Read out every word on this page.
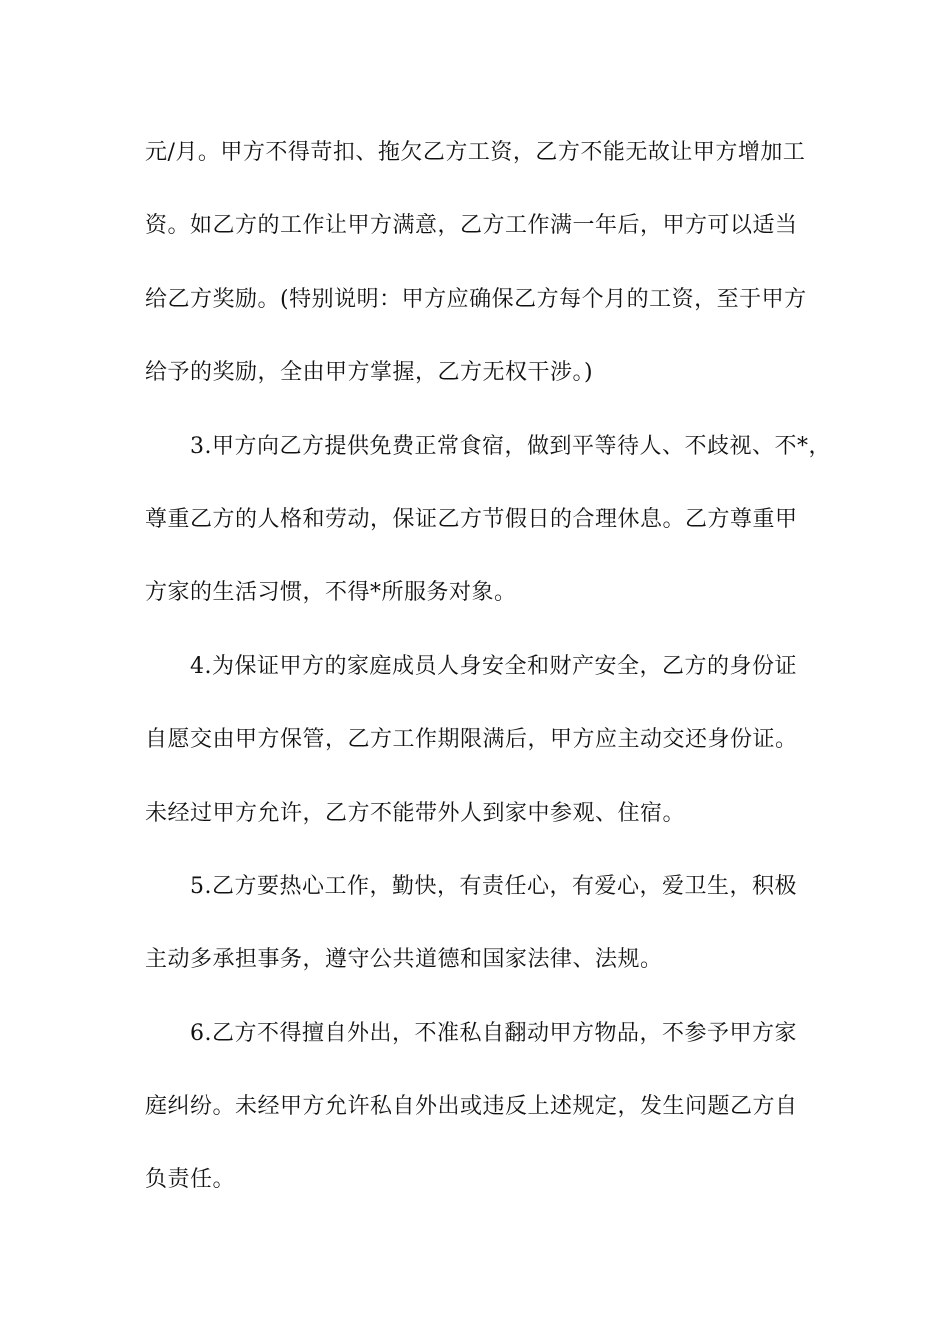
元/月。甲方不得苛扣、拖欠乙方工资，乙方不能无故让甲方增加工
资。如乙方的工作让甲方满意，乙方工作满一年后，甲方可以适当
给乙方奖励。(特别说明：甲方应确保乙方每个月的工资，至于甲方
给予的奖励，全由甲方掌握，乙方无权干涉。)
3.甲方向乙方提供免费正常食宿，做到平等待人、不歧视、不*，
尊重乙方的人格和劳动，保证乙方节假日的合理休息。乙方尊重甲
方家的生活习惯，不得*所服务对象。
4.为保证甲方的家庭成员人身安全和财产安全，乙方的身份证
自愿交由甲方保管，乙方工作期限满后，甲方应主动交还身份证。
未经过甲方允许，乙方不能带外人到家中参观、住宿。
5.乙方要热心工作，勤快，有责任心，有爱心，爱卫生，积极
主动多承担事务，遵守公共道德和国家法律、法规。
6.乙方不得擅自外出，不准私自翻动甲方物品，不参予甲方家
庭纠纷。未经甲方允许私自外出或违反上述规定，发生问题乙方自
负责任。
